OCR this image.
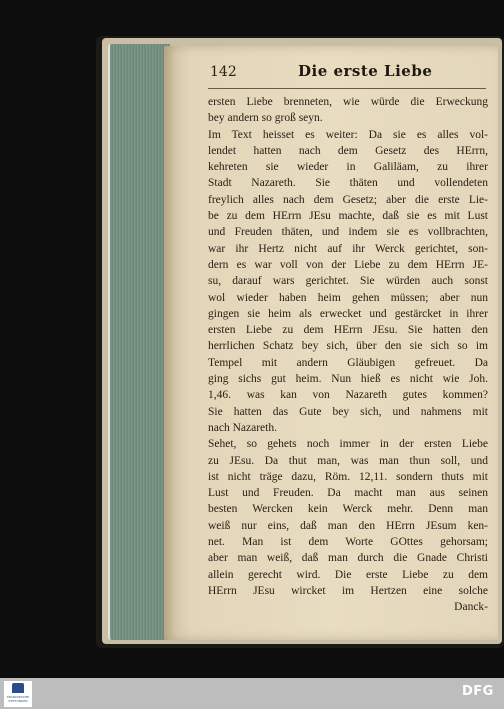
142	Die erste Liebe
ersten Liebe brenneten, wie würde die Erweckung
bey andern so groß seyn.
Im Text heisset es weiter: Da sie es alles vol-
lendet hatten nach dem Gesetz des HErrn,
kehreten sie wieder in Galiläam, zu ihrer
Stadt Nazareth. Sie thäten und vollendeten
freylich alles nach dem Gesetz; aber die erste Lie-
be zu dem HErrn JEsu machte, daß sie es mit Lust
und Freuden thäten, und indem sie es vollbrachten,
war ihr Hertz nicht auf ihr Werck gerichtet, son-
dern es war voll von der Liebe zu dem HErrn JE-
su, darauf wars gerichtet. Sie würden auch sonst
wol wieder haben heim gehen müssen; aber nun
gingen sie heim als erwecket und gestärcket in ihrer
ersten Liebe zu dem HErrn JEsu. Sie hatten den
herrlichen Schatz bey sich, über den sie sich so im
Tempel mit andern Gläubigen gefreuet. Da
ging sichs gut heim. Nun hieß es nicht wie Joh.
1,46. was kan von Nazareth gutes kommen?
Sie hatten das Gute bey sich, und nahmens mit
nach Nazareth.
Sehet, so gehets noch immer in der ersten Liebe
zu JEsu. Da thut man, was man thun soll, und
ist nicht träge dazu, Röm. 12,11. sondern thuts mit
Lust und Freuden. Da macht man aus seinen
besten Wercken kein Werck mehr. Denn man
weiß nur eins, daß man den HErrn JEsum ken-
net. Man ist dem Worte GOttes gehorsam;
aber man weiß, daß man durch die Gnade Christi
allein gerecht wird. Die erste Liebe zu dem
HErrn JEsu wircket im Hertzen eine solche
Danck-
FRANCKESCHE STIFTUNGEN
DFG
